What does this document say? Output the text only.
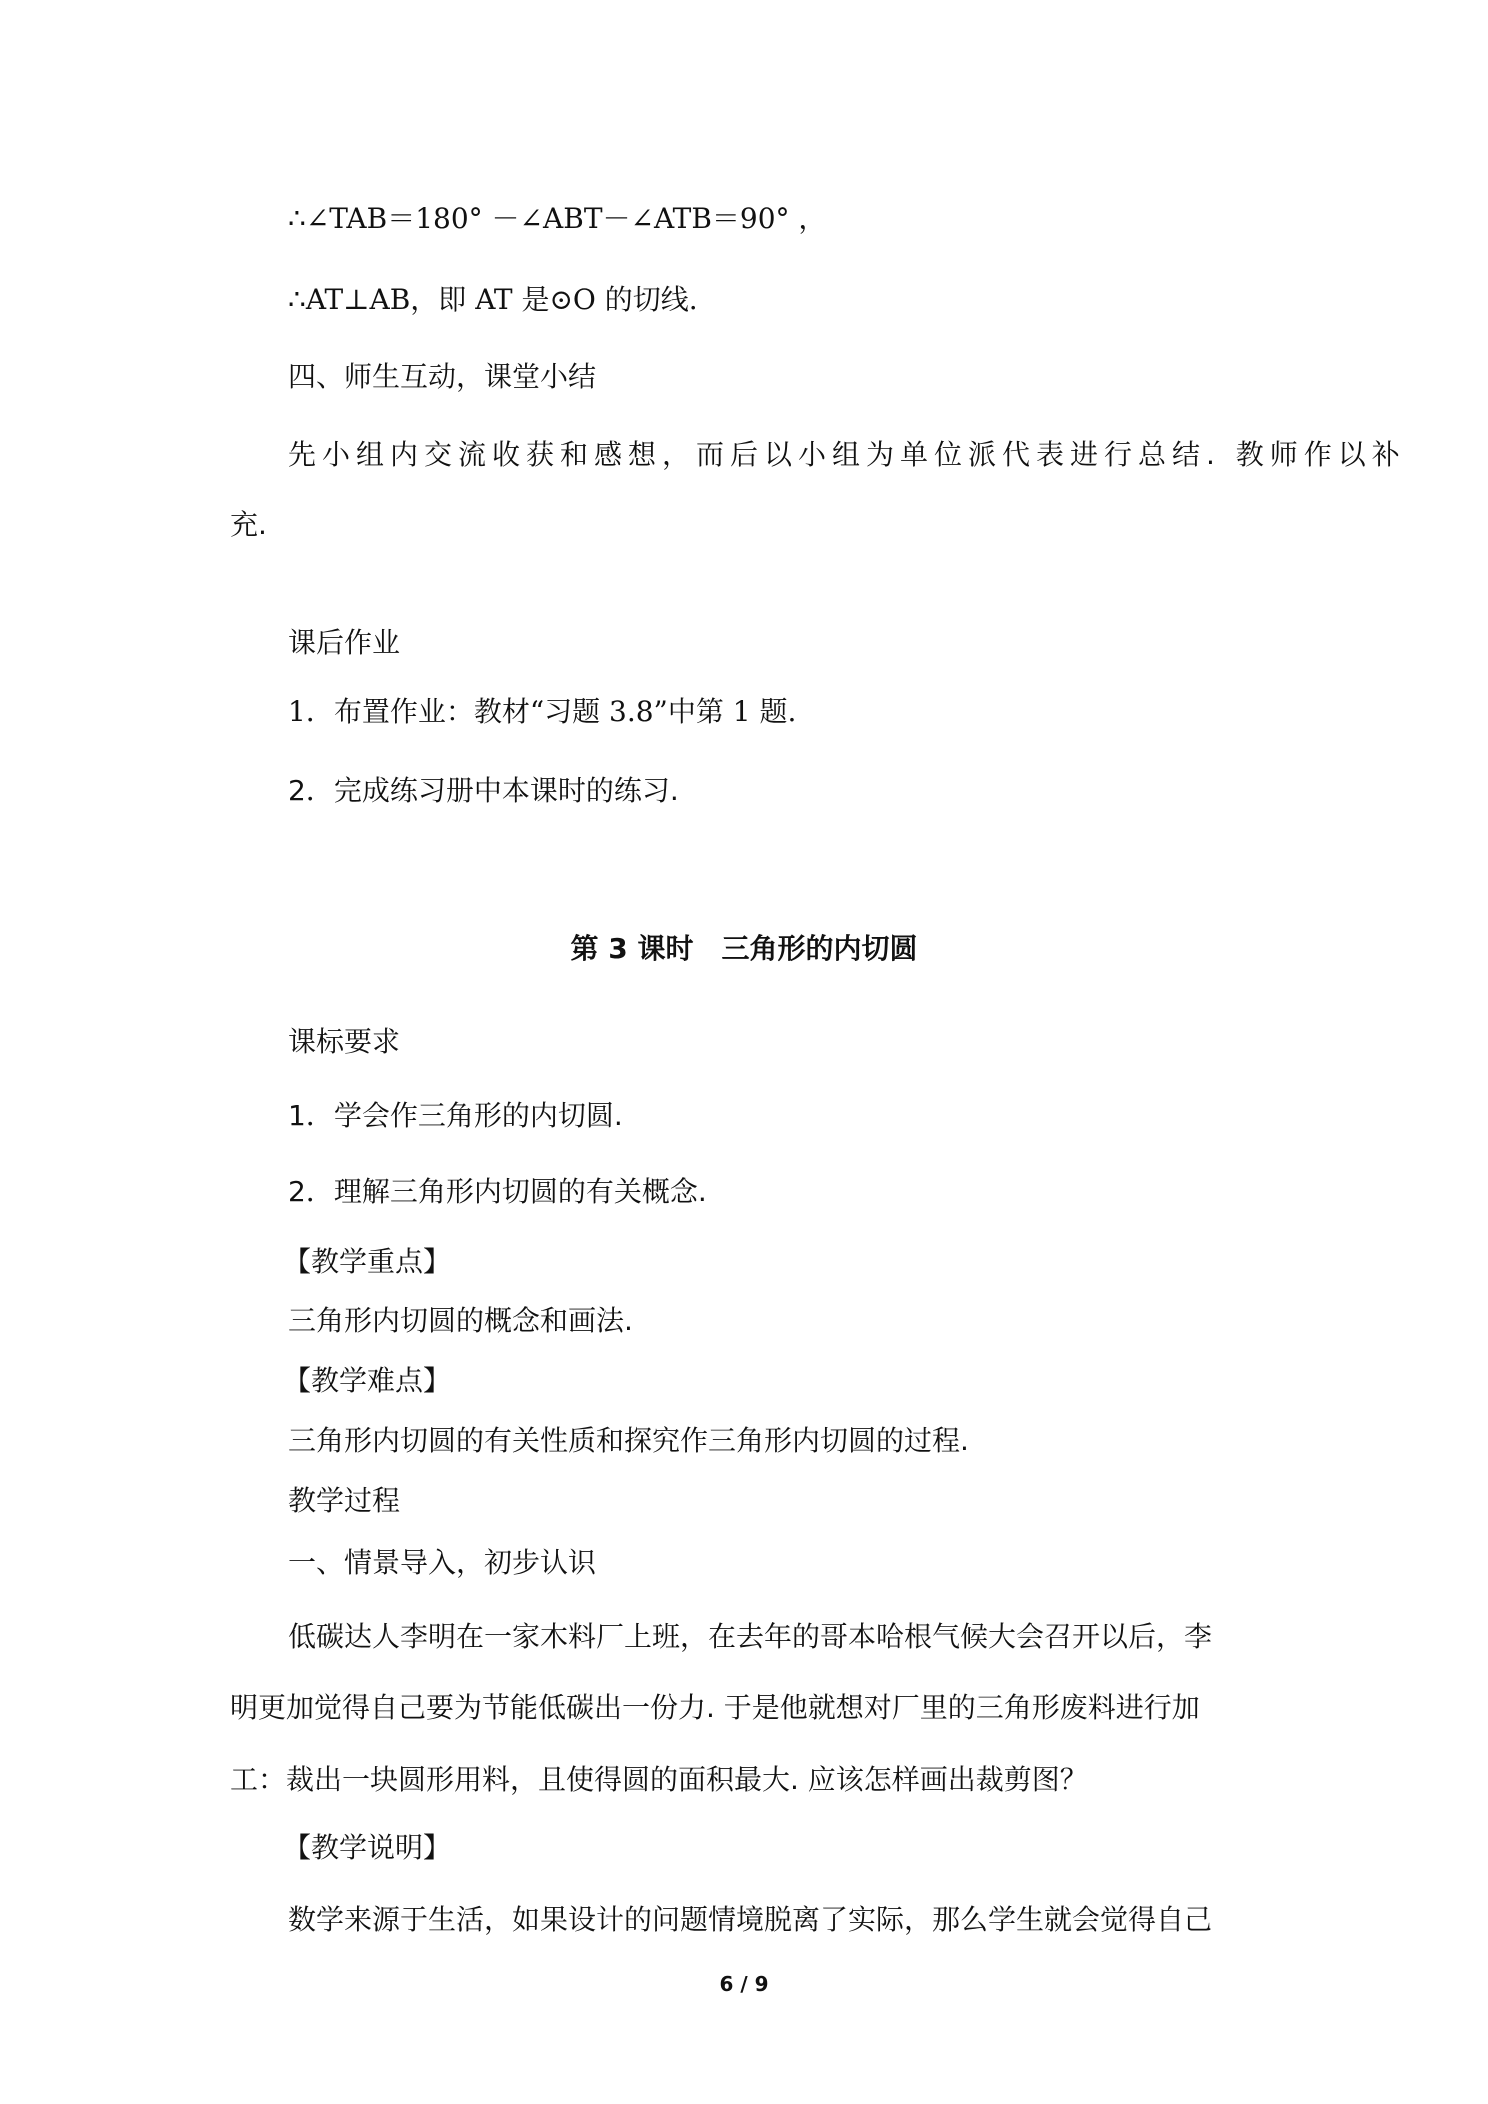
∴∠TAB＝180° －∠ABT－∠ATB＝90° ，
∴AT⊥AB，即 AT 是⊙O 的切线.
四、师生互动，课堂小结
先小组内交流收获和感想，而后以小组为单位派代表进行总结. 教师作以补
充.
课后作业
1．布置作业：教材“习题 3.8”中第 1 题.
2．完成练习册中本课时的练习.
第 3 课时　三角形的内切圆
课标要求
1．学会作三角形的内切圆.
2．理解三角形内切圆的有关概念.
【教学重点】
三角形内切圆的概念和画法.
【教学难点】
三角形内切圆的有关性质和探究作三角形内切圆的过程.
教学过程
一、情景导入，初步认识
低碳达人李明在一家木料厂上班，在去年的哥本哈根气候大会召开以后，李
明更加觉得自己要为节能低碳出一份力. 于是他就想对厂里的三角形废料进行加
工：裁出一块圆形用料，且使得圆的面积最大. 应该怎样画出裁剪图？
【教学说明】
数学来源于生活，如果设计的问题情境脱离了实际，那么学生就会觉得自己
6 / 9
